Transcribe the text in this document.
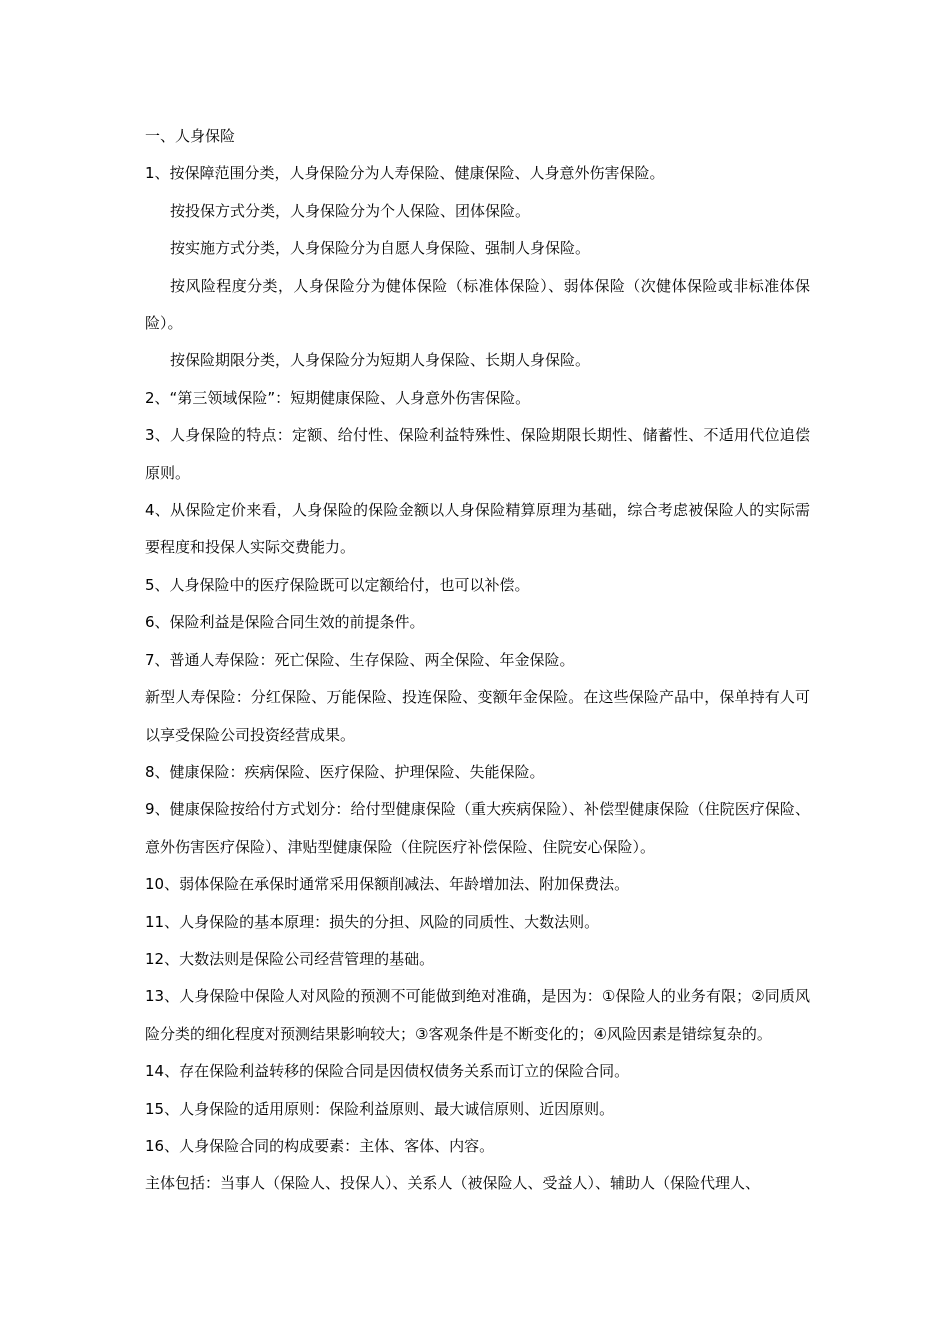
一、人身保险

1、按保障范围分类，人身保险分为人寿保险、健康保险、人身意外伤害保险。

按投保方式分类，人身保险分为个人保险、团体保险。

按实施方式分类，人身保险分为自愿人身保险、强制人身保险。

按风险程度分类，人身保险分为健体保险（标准体保险）、弱体保险（次健体保险或非标准体保险）。

按保险期限分类，人身保险分为短期人身保险、长期人身保险。

2、“第三领域保险”：短期健康保险、人身意外伤害保险。

3、人身保险的特点：定额、给付性、保险利益特殊性、保险期限长期性、储蓄性、不适用代位追偿原则。

4、从保险定价来看，人身保险的保险金额以人身保险精算原理为基础，综合考虑被保险人的实际需要程度和投保人实际交费能力。

5、人身保险中的医疗保险既可以定额给付，也可以补偿。

6、保险利益是保险合同生效的前提条件。

7、普通人寿保险：死亡保险、生存保险、两全保险、年金保险。

新型人寿保险：分红保险、万能保险、投连保险、变额年金保险。在这些保险产品中，保单持有人可以享受保险公司投资经营成果。

8、健康保险：疾病保险、医疗保险、护理保险、失能保险。

9、健康保险按给付方式划分：给付型健康保险（重大疾病保险）、补偿型健康保险（住院医疗保险、意外伤害医疗保险）、津贴型健康保险（住院医疗补偿保险、住院安心保险）。

10、弱体保险在承保时通常采用保额削减法、年龄增加法、附加保费法。

11、人身保险的基本原理：损失的分担、风险的同质性、大数法则。

12、大数法则是保险公司经营管理的基础。

13、人身保险中保险人对风险的预测不可能做到绝对准确，是因为：①保险人的业务有限；②同质风险分类的细化程度对预测结果影响较大；③客观条件是不断变化的；④风险因素是错综复杂的。

14、存在保险利益转移的保险合同是因债权债务关系而订立的保险合同。

15、人身保险的适用原则：保险利益原则、最大诚信原则、近因原则。

16、人身保险合同的构成要素：主体、客体、内容。

主体包括：当事人（保险人、投保人）、关系人（被保险人、受益人）、辅助人（保险代理人、
